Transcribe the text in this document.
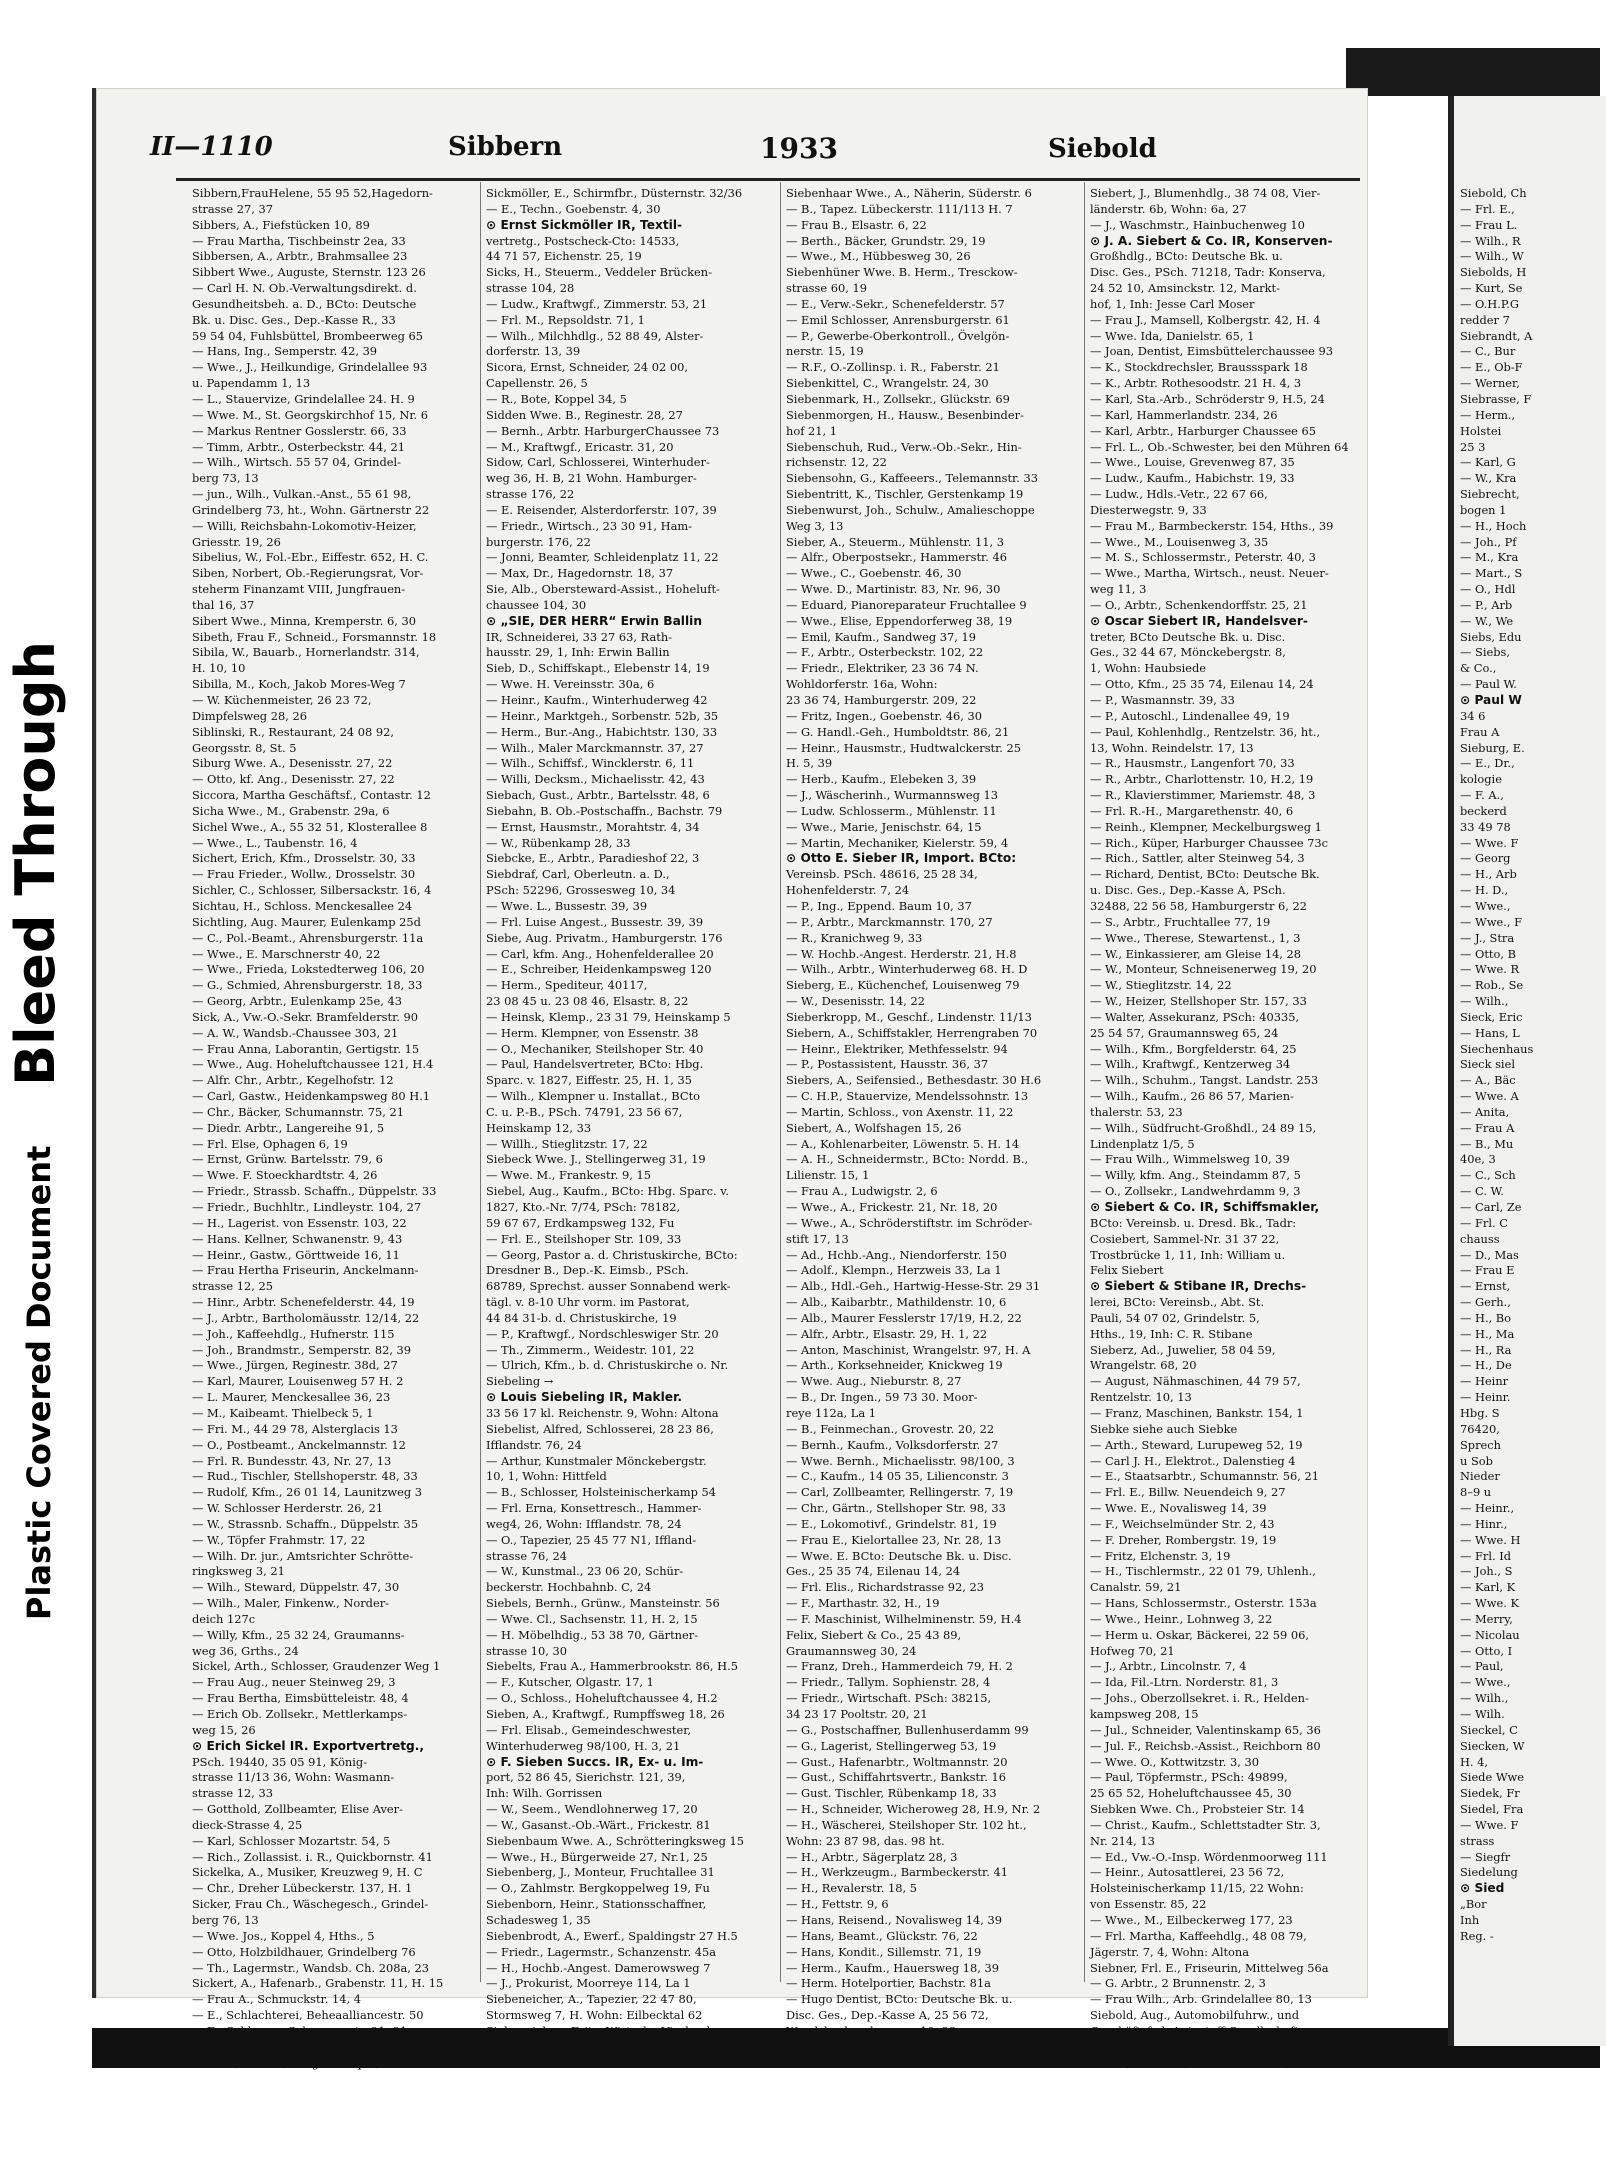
Bleed Through
Plastic Covered Document
II—1110	Sibbern	1933	Siebold
Sibbern,FrauHelene, 55 95 52,Hagedorn-
strasse 27, 37
Sibbers, A., Fiefstücken 10, 89
— Frau Martha, Tischbeinstr 2ea, 33
Sibbersen, A., Arbtr., Brahmsallee 23
Sibbert Wwe., Auguste, Sternstr. 123 26
— Carl H. N. Ob.-Verwaltungsdirekt. d.
Gesundheitsbeh. a. D., BCto: Deutsche
Bk. u. Disc. Ges., Dep.-Kasse R., 33
59 54 04, Fuhlsbüttel, Brombeerweg 65
— Hans, Ing., Semperstr. 42, 39
— Wwe., J., Heilkundige, Grindelallee 93
u. Papendamm 1, 13
— L., Stauervize, Grindelallee 24. H. 9
— Wwe. M., St. Georgskirchhof 15, Nr. 6
— Markus Rentner Gosslerstr. 66, 33
— Timm, Arbtr., Osterbeckstr. 44, 21
— Wilh., Wirtsch. 55 57 04, Grindel-
berg 73, 13
— jun., Wilh., Vulkan.-Anst., 55 61 98,
Grindelberg 73, ht., Wohn. Gärtnerstr 22
— Willi, Reichsbahn-Lokomotiv-Heizer,
Griesstr. 19, 26
Sibelius, W., Fol.-Ebr., Eiffestr. 652, H. C.
Siben, Norbert, Ob.-Regierungsrat, Vor-
steherm Finanzamt VIII, Jungfrauen-
thal 16, 37
Sibert Wwe., Minna, Kremperstr. 6, 30
Sibeth, Frau F., Schneid., Forsmannstr. 18
Sibila, W., Bauarb., Hornerlandstr. 314,
H. 10, 10
Sibilla, M., Koch, Jakob Mores-Weg 7
— W. Küchenmeister, 26 23 72,
Dimpfelsweg 28, 26
Siblinski, R., Restaurant, 24 08 92,
Georgsstr. 8, St. 5
Siburg Wwe. A., Desenisstr. 27, 22
— Otto, kf. Ang., Desenisstr. 27, 22
Siccora, Martha Geschäftsf., Contastr. 12
Sicha Wwe., M., Grabenstr. 29a, 6
Sichel Wwe., A., 55 32 51, Klosterallee 8
— Wwe., L., Taubenstr. 16, 4
Sichert, Erich, Kfm., Drosselstr. 30, 33
— Frau Frieder., Wollw., Drosselstr. 30
Sichler, C., Schlosser, Silbersackstr. 16, 4
Sichtau, H., Schloss. Menckesallee 24
Sichtling, Aug. Maurer, Eulenkamp 25d
— C., Pol.-Beamt., Ahrensburgerstr. 11a
— Wwe., E. Marschnerstr 40, 22
— Wwe., Frieda, Lokstedterweg 106, 20
— G., Schmied, Ahrensburgerstr. 18, 33
— Georg, Arbtr., Eulenkamp 25e, 43
Sick, A., Vw.-O.-Sekr. Bramfelderstr. 90
— A. W., Wandsb.-Chaussee 303, 21
— Frau Anna, Laborantin, Gertigstr. 15
— Wwe., Aug. Hoheluftchaussee 121, H.4
— Alfr. Chr., Arbtr., Kegelhofstr. 12
— Carl, Gastw., Heidenkampsweg 80 H.1
— Chr., Bäcker, Schumannstr. 75, 21
— Diedr. Arbtr., Langereihe 91, 5
— Frl. Else, Ophagen 6, 19
— Ernst, Grünw. Bartelsstr. 79, 6
— Wwe. F. Stoeckhardtstr. 4, 26
— Friedr., Strassb. Schaffn., Düppelstr. 33
— Friedr., Buchhltr., Lindleystr. 104, 27
— H., Lagerist. von Essenstr. 103, 22
— Hans. Kellner, Schwanenstr. 9, 43
— Heinr., Gastw., Görttweide 16, 11
— Frau Hertha Friseurin, Anckelmann-
strasse 12, 25
— Hinr., Arbtr. Schenefelderstr. 44, 19
— J., Arbtr., Bartholomäusstr. 12/14, 22
— Joh., Kaffeehdlg., Hufnerstr. 115
— Joh., Brandmstr., Semperstr. 82, 39
— Wwe., Jürgen, Reginestr. 38d, 27
— Karl, Maurer, Louisenweg 57 H. 2
— L. Maurer, Menckesallee 36, 23
— M., Kaibeamt. Thielbeck 5, 1
— Fri. M., 44 29 78, Alsterglacis 13
— O., Postbeamt., Anckelmannstr. 12
— Frl. R. Bundesstr. 43, Nr. 27, 13
— Rud., Tischler, Stellshoperstr. 48, 33
— Rudolf, Kfm., 26 01 14, Launitzweg 3
— W. Schlosser Herderstr. 26, 21
— W., Strassnb. Schaffn., Düppelstr. 35
— W., Töpfer Frahmstr. 17, 22
— Wilh. Dr. jur., Amtsrichter Schrötte-
ringksweg 3, 21
— Wilh., Steward, Düppelstr. 47, 30
— Wilh., Maler, Finkenw., Norder-
deich 127c
— Willy, Kfm., 25 32 24, Graumanns-
weg 36, Grths., 24
Sickel, Arth., Schlosser, Graudenzer Weg 1
— Frau Aug., neuer Steinweg 29, 3
— Frau Bertha, Eimsbütteleistr. 48, 4
— Erich Ob. Zollsekr., Mettlerkamps-
weg 15, 26
⊙ Erich Sickel IR. Exportvertretg.,
PSch. 19440, 35 05 91, König-
strasse 11/13 36, Wohn: Wasmann-
strasse 12, 33
— Gotthold, Zollbeamter, Elise Aver-
dieck-Strasse 4, 25
— Karl, Schlosser Mozartstr. 54, 5
— Rich., Zollassist. i. R., Quickbornstr. 41
Sickelka, A., Musiker, Kreuzweg 9, H. C
— Chr., Dreher Lübeckerstr. 137, H. 1
Sicker, Frau Ch., Wäschegesch., Grindel-
berg 76, 13
— Wwe. Jos., Koppel 4, Hths., 5
— Otto, Holzbildhauer, Grindelberg 76
— Th., Lagermstr., Wandsb. Ch. 208a, 23
Sickert, A., Hafenarb., Grabenstr. 11, H. 15
— Frau A., Schmuckstr. 14, 4
— E., Schlachterei, Beheaalliancestr. 50
— E., Schlosser, Schumannstr. 21, 21
— Franz, Tabakmstr., Lämmersieth 56
— Fritz, Friseur, Langenkamp 1, 39
Sickmöller, E., Schirmfbr., Düsternstr. 32/36
— E., Techn., Goebenstr. 4, 30
⊙ Ernst Sickmöller IR, Textil-
vertretg., Postscheck-Cto: 14533,
44 71 57, Eichenstr. 25, 19
Sicks, H., Steuerm., Veddeler Brücken-
strasse 104, 28
— Ludw., Kraftwgf., Zimmerstr. 53, 21
— Frl. M., Repsoldstr. 71, 1
— Wilh., Milchhdlg., 52 88 49, Alster-
dorferstr. 13, 39
Sicora, Ernst, Schneider, 24 02 00,
Capellenstr. 26, 5
— R., Bote, Koppel 34, 5
Sidden Wwe. B., Reginestr. 28, 27
— Bernh., Arbtr. HarburgerChaussee 73
— M., Kraftwgf., Ericastr. 31, 20
Sidow, Carl, Schlosserei, Winterhuder-
weg 36, H. B, 21 Wohn. Hamburger-
strasse 176, 22
— E. Reisender, Alsterdorferstr. 107, 39
— Friedr., Wirtsch., 23 30 91, Ham-
burgerstr. 176, 22
— Jonni, Beamter, Schleidenplatz 11, 22
— Max, Dr., Hagedornstr. 18, 37
Sie, Alb., Obersteward-Assist., Hoheluft-
chaussee 104, 30
⊙ „SIE, DER HERR“ Erwin Ballin
IR, Schneiderei, 33 27 63, Rath-
hausstr. 29, 1, Inh: Erwin Ballin
Sieb, D., Schiffskapt., Elebenstr 14, 19
— Wwe. H. Vereinsstr. 30a, 6
— Heinr., Kaufm., Winterhuderweg 42
— Heinr., Marktgeh., Sorbenstr. 52b, 35
— Herm., Bur.-Ang., Habichtstr. 130, 33
— Wilh., Maler Marckmannstr. 37, 27
— Wilh., Schiffsf., Wincklerstr. 6, 11
— Willi, Decksm., Michaelisstr. 42, 43
Siebach, Gust., Arbtr., Bartelsstr. 48, 6
Siebahn, B. Ob.-Postschaffn., Bachstr. 79
— Ernst, Hausmstr., Morahtstr. 4, 34
— W., Rübenkamp 28, 33
Siebcke, E., Arbtr., Paradieshof 22, 3
Siebdraf, Carl, Oberleutn. a. D.,
PSch: 52296, Grossesweg 10, 34
— Wwe. L., Bussestr. 39, 39
— Frl. Luise Angest., Bussestr. 39, 39
Siebe, Aug. Privatm., Hamburgerstr. 176
— Carl, kfm. Ang., Hohenfelderallee 20
— E., Schreiber, Heidenkampsweg 120
— Herm., Spediteur, 40117,
23 08 45 u. 23 08 46, Elsastr. 8, 22
— Heinsk, Klemp., 23 31 79, Heinskamp 5
— Herm. Klempner, von Essenstr. 38
— O., Mechaniker, Steilshoper Str. 40
— Paul, Handelsvertreter, BCto: Hbg.
Sparc. v. 1827, Eiffestr. 25, H. 1, 35
— Wilh., Klempner u. Installat., BCto
C. u. P.-B., PSch. 74791, 23 56 67,
Heinskamp 12, 33
— Willh., Stieglitzstr. 17, 22
Siebeck Wwe. J., Stellingerweg 31, 19
— Wwe. M., Frankestr. 9, 15
Siebel, Aug., Kaufm., BCto: Hbg. Sparc. v.
1827, Kto.-Nr. 7/74, PSch: 78182,
59 67 67, Erdkampsweg 132, Fu
— Frl. E., Steilshoper Str. 109, 33
— Georg, Pastor a. d. Christuskirche, BCto:
Dresdner B., Dep.-K. Eimsb., PSch.
68789, Sprechst. ausser Sonnabend werk-
tägl. v. 8-10 Uhr vorm. im Pastorat,
44 84 31-b. d. Christuskirche, 19
— P., Kraftwgf., Nordschleswiger Str. 20
— Th., Zimmerm., Weidestr. 101, 22
— Ulrich, Kfm., b. d. Christuskirche o. Nr.
Siebeling →
⊙ Louis Siebeling IR, Makler.
33 56 17 kl. Reichenstr. 9, Wohn: Altona
Siebelist, Alfred, Schlosserei, 28 23 86,
Ifflandstr. 76, 24
— Arthur, Kunstmaler Mönckebergstr.
10, 1, Wohn: Hittfeld
— B., Schlosser, Holsteinischerkamp 54
— Frl. Erna, Konsettresch., Hammer-
weg4, 26, Wohn: Ifflandstr. 78, 24
— O., Tapezier, 25 45 77 N1, Iffland-
strasse 76, 24
— W., Kunstmal., 23 06 20, Schür-
beckerstr. Hochbahnb. C, 24
Siebels, Bernh., Grünw., Mansteinstr. 56
— Wwe. Cl., Sachsenstr. 11, H. 2, 15
— H. Möbelhdig., 53 38 70, Gärtner-
strasse 10, 30
Siebelts, Frau A., Hammerbrookstr. 86, H.5
— F., Kutscher, Olgastr. 17, 1
— O., Schloss., Hoheluftchaussee 4, H.2
Sieben, A., Kraftwgf., Rumpffsweg 18, 26
— Frl. Elisab., Gemeindeschwester,
Winterhuderweg 98/100, H. 3, 21
⊙ F. Sieben Succs. IR, Ex- u. Im-
port, 52 86 45, Sierichstr. 121, 39,
Inh: Wilh. Gorrissen
— W., Seem., Wendlohnerweg 17, 20
— W., Gasanst.-Ob.-Wärt., Frickestr. 81
Siebenbaum Wwe. A., Schrötteringksweg 15
— Wwe., H., Bürgerweide 27, Nr.1, 25
Siebenberg, J., Monteur, Fruchtallee 31
— O., Zahlmstr. Bergkoppelweg 19, Fu
Siebenborn, Heinr., Stationsschaffner,
Schadesweg 1, 35
Siebenbrodt, A., Ewerf., Spaldingstr 27 H.5
— Friedr., Lagermstr., Schanzenstr. 45a
— H., Hochb.-Angest. Damerowsweg 7
— J., Prokurist, Moorreye 114, La 1
Siebeneicher, A., Tapezier, 22 47 80,
Stormsweg 7, H. Wohn: Eilbecktal 62
Siebeneichen, Fritz, Wirtsch., Vierlander-
strasse 239, 27
Siebenhaar Wwe., A., Näherin, Süderstr. 6
— B., Tapez. Lübeckerstr. 111/113 H. 7
— Frau B., Elsastr. 6, 22
— Berth., Bäcker, Grundstr. 29, 19
— Wwe., M., Hübbesweg 30, 26
Siebenhüner Wwe. B. Herm., Tresckow-
strasse 60, 19
— E., Verw.-Sekr., Schenefelderstr. 57
— Emil Schlosser, Anrensburgerstr. 61
— P., Gewerbe-Oberkontroll., Övelgön-
nerstr. 15, 19
— R.F., O.-Zollinsp. i. R., Faberstr. 21
Siebenkittel, C., Wrangelstr. 24, 30
Siebenmark, H., Zollsekr., Glückstr. 69
Siebenmorgen, H., Hausw., Besenbinder-
hof 21, 1
Siebenschuh, Rud., Verw.-Ob.-Sekr., Hin-
richsenstr. 12, 22
Siebensohn, G., Kaffeeers., Telemannstr. 33
Siebentritt, K., Tischler, Gerstenkamp 19
Siebenwurst, Joh., Schulw., Amalieschoppe
Weg 3, 13
Sieber, A., Steuerm., Mühlenstr. 11, 3
— Alfr., Oberpostsekr., Hammerstr. 46
— Wwe., C., Goebenstr. 46, 30
— Wwe. D., Martinistr. 83, Nr. 96, 30
— Eduard, Pianoreparateur Fruchtallee 9
— Wwe., Elise, Eppendorferweg 38, 19
— Emil, Kaufm., Sandweg 37, 19
— F., Arbtr., Osterbeckstr. 102, 22
— Friedr., Elektriker, 23 36 74 N.
Wohldorferstr. 16a, Wohn:
23 36 74, Hamburgerstr. 209, 22
— Fritz, Ingen., Goebenstr. 46, 30
— G. Handl.-Geh., Humboldtstr. 86, 21
— Heinr., Hausmstr., Hudtwalckerstr. 25
H. 5, 39
— Herb., Kaufm., Elebeken 3, 39
— J., Wäscherinh., Wurmannsweg 13
— Ludw. Schlosserm., Mühlenstr. 11
— Wwe., Marie, Jenischstr. 64, 15
— Martin, Mechaniker, Kielerstr. 59, 4
⊙ Otto E. Sieber IR, Import. BCto:
Vereinsb. PSch. 48616, 25 28 34,
Hohenfelderstr. 7, 24
— P., Ing., Eppend. Baum 10, 37
— P., Arbtr., Marckmannstr. 170, 27
— R., Kranichweg 9, 33
— W. Hochb.-Angest. Herderstr. 21, H.8
— Wilh., Arbtr., Winterhuderweg 68. H. D
Sieberg, E., Küchenchef, Louisenweg 79
— W., Desenisstr. 14, 22
Sieberkropp, M., Geschf., Lindenstr. 11/13
Siebern, A., Schiffstakler, Herrengraben 70
— Heinr., Elektriker, Methfesselstr. 94
— P., Postassistent, Hausstr. 36, 37
Siebers, A., Seifensied., Bethesdastr. 30 H.6
— C. H.P., Stauervize, Mendelssohnstr. 13
— Martin, Schloss., von Axenstr. 11, 22
Siebert, A., Wolfshagen 15, 26
— A., Kohlenarbeiter, Löwenstr. 5. H. 14
— A. H., Schneidermstr., BCto: Nordd. B.,
Lilienstr. 15, 1
— Frau A., Ludwigstr. 2, 6
— Wwe., A., Frickestr. 21, Nr. 18, 20
— Wwe., A., Schröderstiftstr. im Schröder-
stift 17, 13
— Ad., Hchb.-Ang., Niendorferstr. 150
— Adolf., Klempn., Herzweis 33, La 1
— Alb., Hdl.-Geh., Hartwig-Hesse-Str. 29 31
— Alb., Kaibarbtr., Mathildenstr. 10, 6
— Alb., Maurer Fesslerstr 17/19, H.2, 22
— Alfr., Arbtr., Elsastr. 29, H. 1, 22
— Anton, Maschinist, Wrangelstr. 97, H. A
— Arth., Korksehneider, Knickweg 19
— Wwe. Aug., Nieburstr. 8, 27
— B., Dr. Ingen., 59 73 30. Moor-
reye 112a, La 1
— B., Feinmechan., Grovestr. 20, 22
— Bernh., Kaufm., Volksdorferstr. 27
— Wwe. Bernh., Michaelisstr. 98/100, 3
— C., Kaufm., 14 05 35, Lilienconstr. 3
— Carl, Zollbeamter, Rellingerstr. 7, 19
— Chr., Gärtn., Stellshoper Str. 98, 33
— E., Lokomotivf., Grindelstr. 81, 19
— Frau E., Kielortallee 23, Nr. 28, 13
— Wwe. E. BCto: Deutsche Bk. u. Disc.
Ges., 25 35 74, Eilenau 14, 24
— Frl. Elis., Richardstrasse 92, 23
— F., Marthastr. 32, H., 19
— F. Maschinist, Wilhelminenstr. 59, H.4
Felix, Siebert & Co., 25 43 89,
Graumannsweg 30, 24
— Franz, Dreh., Hammerdeich 79, H. 2
— Friedr., Tallym. Sophienstr. 28, 4
— Friedr., Wirtschaft. PSch: 38215,
34 23 17 Pooltstr. 20, 21
— G., Postschaffner, Bullenhuserdamm 99
— G., Lagerist, Stellingerweg 53, 19
— Gust., Hafenarbtr., Woltmannstr. 20
— Gust., Schiffahrtsvertr., Bankstr. 16
— Gust. Tischler, Rübenkamp 18, 33
— H., Schneider, Wicheroweg 28, H.9, Nr. 2
— H., Wäscherei, Steilshoper Str. 102 ht.,
Wohn: 23 87 98, das. 98 ht.
— H., Arbtr., Sägerplatz 28, 3
— H., Werkzeugm., Barmbeckerstr. 41
— H., Revalerstr. 18, 5
— H., Fettstr. 9, 6
— Hans, Reisend., Novalisweg 14, 39
— Hans, Beamt., Glückstr. 76, 22
— Hans, Kondit., Sillemstr. 71, 19
— Herm., Kaufm., Hauersweg 18, 39
— Herm. Hotelportier, Bachstr. 81a
— Hugo Dentist, BCto: Deutsche Bk. u.
Disc. Ges., Dep.-Kasse A, 25 56 72,
Wandsbeckerchaussee 10, 23
Siebert, J., Blumenhdlg., 38 74 08, Vier-
länderstr. 6b, Wohn: 6a, 27
— J., Waschmstr., Hainbuchenweg 10
⊙ J. A. Siebert & Co. IR, Konserven-
Großhdlg., BCto: Deutsche Bk. u.
Disc. Ges., PSch. 71218, Tadr: Konserva,
24 52 10, Amsinckstr. 12, Markt-
hof, 1, Inh: Jesse Carl Moser
— Frau J., Mamsell, Kolbergstr. 42, H. 4
— Wwe. Ida, Danielstr. 65, 1
— Joan, Dentist, Eimsbüttelerchaussee 93
— K., Stockdrechsler, Braussspark 18
— K., Arbtr. Rothesoodstr. 21 H. 4, 3
— Karl, Sta.-Arb., Schröderstr 9, H.5, 24
— Karl, Hammerlandstr. 234, 26
— Karl, Arbtr., Harburger Chaussee 65
— Frl. L., Ob.-Schwester, bei den Mühren 64
— Wwe., Louise, Grevenweg 87, 35
— Ludw., Kaufm., Habichstr. 19, 33
— Ludw., Hdls.-Vetr., 22 67 66,
Diesterwegstr. 9, 33
— Frau M., Barmbeckerstr. 154, Hths., 39
— Wwe., M., Louisenweg 3, 35
— M. S., Schlossermstr., Peterstr. 40, 3
— Wwe., Martha, Wirtsch., neust. Neuer-
weg 11, 3
— O., Arbtr., Schenkendorffstr. 25, 21
⊙ Oscar Siebert IR, Handelsver-
treter, BCto Deutsche Bk. u. Disc.
Ges., 32 44 67, Mönckebergstr. 8,
1, Wohn: Haubsiede
— Otto, Kfm., 25 35 74, Eilenau 14, 24
— P., Wasmannstr. 39, 33
— P., Autoschl., Lindenallee 49, 19
— Paul, Kohlenhdlg., Rentzelstr. 36, ht.,
13, Wohn. Reindelstr. 17, 13
— R., Hausmstr., Langenfort 70, 33
— R., Arbtr., Charlottenstr. 10, H.2, 19
— R., Klavierstimmer, Mariemstr. 48, 3
— Frl. R.-H., Margarethenstr. 40, 6
— Reinh., Klempner, Meckelburgsweg 1
— Rich., Küper, Harburger Chaussee 73c
— Rich., Sattler, alter Steinweg 54, 3
— Richard, Dentist, BCto: Deutsche Bk.
u. Disc. Ges., Dep.-Kasse A, PSch.
32488, 22 56 58, Hamburgerstr 6, 22
— S., Arbtr., Fruchtallee 77, 19
— Wwe., Therese, Stewartenst., 1, 3
— W., Einkassierer, am Gleise 14, 28
— W., Monteur, Schneisenerweg 19, 20
— W., Stieglitzstr. 14, 22
— W., Heizer, Stellshoper Str. 157, 33
— Walter, Assekuranz, PSch: 40335,
25 54 57, Graumannsweg 65, 24
— Wilh., Kfm., Borgfelderstr. 64, 25
— Wilh., Kraftwgf., Kentzerweg 34
— Wilh., Schuhm., Tangst. Landstr. 253
— Wilh., Kaufm., 26 86 57, Marien-
thalerstr. 53, 23
— Wilh., Südfrucht-Großhdl., 24 89 15,
Lindenplatz 1/5, 5
— Frau Wilh., Wimmelsweg 10, 39
— Willy, kfm. Ang., Steindamm 87, 5
— O., Zollsekr., Landwehrdamm 9, 3
⊙ Siebert & Co. IR, Schiffsmakler,
BCto: Vereinsb. u. Dresd. Bk., Tadr:
Cosiebert, Sammel-Nr. 31 37 22,
Trostbrücke 1, 11, Inh: William u.
Felix Siebert
⊙ Siebert & Stibane IR, Drechs-
lerei, BCto: Vereinsb., Abt. St.
Pauli, 54 07 02, Grindelstr. 5,
Hths., 19, Inh: C. R. Stibane
Sieberz, Ad., Juwelier, 58 04 59,
Wrangelstr. 68, 20
— August, Nähmaschinen, 44 79 57,
Rentzelstr. 10, 13
— Franz, Maschinen, Bankstr. 154, 1
Siebke siehe auch Siebke
— Arth., Steward, Lurupeweg 52, 19
— Carl J. H., Elektrot., Dalenstieg 4
— E., Staatsarbtr., Schumannstr. 56, 21
— Frl. E., Billw. Neuendeich 9, 27
— Wwe. E., Novalisweg 14, 39
— F., Weichselmünder Str. 2, 43
— F. Dreher, Rombergstr. 19, 19
— Fritz, Elchenstr. 3, 19
— H., Tischlermstr., 22 01 79, Uhlenh.,
Canalstr. 59, 21
— Hans, Schlossermstr., Osterstr. 153a
— Wwe., Heinr., Lohnweg 3, 22
— Herm u. Oskar, Bäckerei, 22 59 06,
Hofweg 70, 21
— J., Arbtr., Lincolnstr. 7, 4
— Ida, Fil.-Ltrn. Norderstr. 81, 3
— Johs., Oberzollsekret. i. R., Helden-
kampsweg 208, 15
— Jul., Schneider, Valentinskamp 65, 36
— Jul. F., Reichsb.-Assist., Reichborn 80
— Wwe. O., Kottwitzstr. 3, 30
— Paul, Töpfermstr., PSch: 49899,
25 65 52, Hoheluftchaussee 45, 30
Siebken Wwe. Ch., Probsteier Str. 14
— Christ., Kaufm., Schlettstadter Str. 3,
Nr. 214, 13
— Ed., Vw.-O.-Insp. Wördenmoorweg 111
— Heinr., Autosattlerei, 23 56 72,
Holsteinischerkamp 11/15, 22 Wohn:
von Essenstr. 85, 22
— Wwe., M., Eilbeckerweg 177, 23
— Frl. Martha, Kaffeehdlg., 48 08 79,
Jägerstr. 7, 4, Wohn: Altona
Siebner, Frl. E., Friseurin, Mittelweg 56a
— G. Arbtr., 2 Brunnenstr. 2, 3
— Frau Wilh., Arb. Grindelallee 80, 13
Siebold, Aug., Automobilfuhrw., und
Geschäftsf. d. Autostoff-Gesellschaft
m. b. H., BCto: Neue Sparc. v. 1864, PSch:
81187, 22 56 14, Osterbeckstr. 20, 21
Siebold, Ch
— Frl. E.,
— Frau L.
— Wilh., R
— Wilh., W
Siebolds, H
— Kurt, Se
— O.H.P.G
redder 7
Siebrandt, A
— C., Bur
— E., Ob-F
— Werner,
Siebrasse, F
— Herm.,
Holstei
25 3
— Karl, G
— W., Kra
Siebrecht,
bogen 1
— H., Hoch
— Joh., Pf
— M., Kra
— Mart., S
— O., Hdl
— P., Arb
— W., We
Siebs, Edu
— Siebs,
& Co.,
— Paul W.
⊙ Paul W
34 6
Frau A
Sieburg, E.
— E., Dr.,
kologie
— F. A.,
beckerd
33 49 78
— Wwe. F
— Georg
— H., Arb
— H. D.,
— Wwe.,
— Wwe., F
— J., Stra
— Otto, B
— Wwe. R
— Rob., Se
— Wilh.,
Sieck, Eric
— Hans, L
Siechenhaus
Sieck siel
— A., Bäc
— Wwe. A
— Anita,
— Frau A
— B., Mu
40e, 3
— C., Sch
— C. W.
— Carl, Ze
— Frl. C
chauss
— D., Mas
— Frau E
— Ernst,
— Gerh.,
— H., Bo
— H., Ma
— H., Ra
— H., De
— Heinr
— Heinr.
Hbg. S
76420,
Sprech
u Sob
Nieder
8–9 u
— Heinr.,
— Hinr.,
— Wwe. H
— Frl. Id
— Joh., S
— Karl, K
— Wwe. K
— Merry,
— Nicolau
— Otto, I
— Paul,
— Wwe.,
— Wilh.,
— Wilh.
Sieckel, C
Siecken, W
H. 4,
Siede Wwe
Siedek, Fr
Siedel, Fra
— Wwe. F
strass
— Siegfr
Siedelung
⊙ Sied
„Bor
Inh
Reg. -
